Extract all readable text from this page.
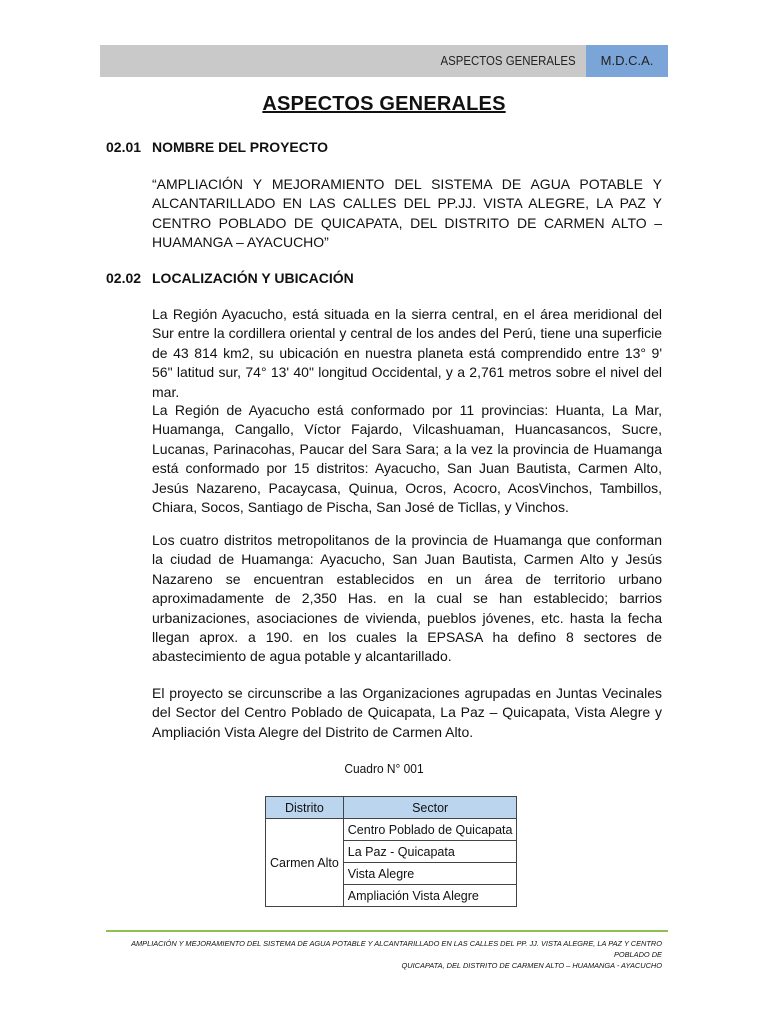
ASPECTOS GENERALES	M.D.C.A.
ASPECTOS GENERALES

02.01 NOMBRE DEL PROYECTO

“AMPLIACIÓN Y MEJORAMIENTO DEL SISTEMA DE AGUA POTABLE Y ALCANTARILLADO EN LAS CALLES DEL PP.JJ. VISTA ALEGRE, LA PAZ Y CENTRO POBLADO DE QUICAPATA, DEL DISTRITO DE CARMEN ALTO – HUAMANGA – AYACUCHO”

02.02 LOCALIZACIÓN Y UBICACIÓN

La Región Ayacucho, está situada en la sierra central, en el área meridional del Sur entre la cordillera oriental y central de los andes del Perú, tiene una superficie de 43 814 km2, su ubicación en nuestra planeta está comprendido entre 13° 9' 56" latitud sur, 74° 13' 40" longitud Occidental, y a 2,761 metros sobre el nivel del mar.

La Región de Ayacucho está conformado por 11 provincias: Huanta, La Mar, Huamanga, Cangallo, Víctor Fajardo, Vilcashuaman, Huancasancos, Sucre, Lucanas, Parinacohas, Paucar del Sara Sara; a la vez la provincia de Huamanga está conformado por 15 distritos: Ayacucho, San Juan Bautista, Carmen Alto, Jesús Nazareno, Pacaycasa, Quinua, Ocros, Acocro, AcosVinchos, Tambillos, Chiara, Socos, Santiago de Pischa, San José de Ticllas, y Vinchos.

Los cuatro distritos metropolitanos de la provincia de Huamanga que conforman la ciudad de Huamanga: Ayacucho, San Juan Bautista, Carmen Alto y Jesús Nazareno se encuentran establecidos en un área de territorio urbano aproximadamente de 2,350 Has. en la cual se han establecido; barrios urbanizaciones, asociaciones de vivienda, pueblos jóvenes, etc. hasta la fecha llegan aprox. a 190. en los cuales la EPSASA ha defino 8 sectores de abastecimiento de agua potable y alcantarillado.

El proyecto se circunscribe a las Organizaciones agrupadas en Juntas Vecinales del Sector del Centro Poblado de Quicapata, La Paz – Quicapata, Vista Alegre y Ampliación Vista Alegre del Distrito de Carmen Alto.

Cuadro N° 001

Distrito	Sector
Carmen Alto	Centro Poblado de Quicapata
	La Paz - Quicapata
	Vista Alegre
	Ampliación Vista Alegre

AMPLIACIÓN Y MEJORAMIENTO DEL SISTEMA DE AGUA POTABLE Y ALCANTARILLADO EN LAS CALLES DEL PP. JJ. VISTA ALEGRE, LA PAZ Y CENTRO POBLADO DE
QUICAPATA, DEL DISTRITO DE CARMEN ALTO – HUAMANGA - AYACUCHO
